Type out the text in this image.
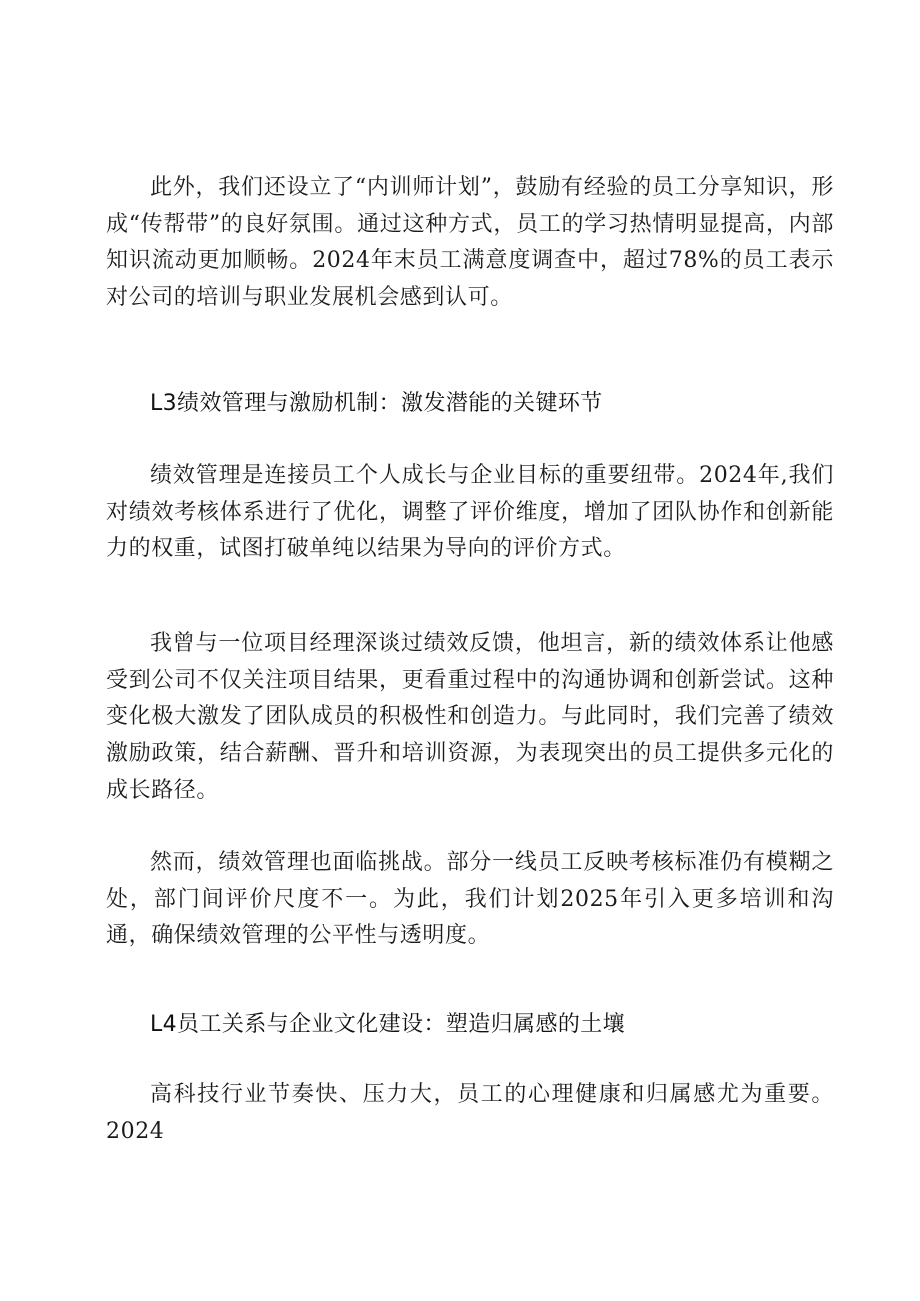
此外，我们还设立了“内训师计划”，鼓励有经验的员工分享知识，形成“传帮带”的良好氛围。通过这种方式，员工的学习热情明显提高，内部知识流动更加顺畅。2024年末员工满意度调查中，超过78%的员工表示对公司的培训与职业发展机会感到认可。

L3绩效管理与激励机制：激发潜能的关键环节

绩效管理是连接员工个人成长与企业目标的重要纽带。2024年,我们对绩效考核体系进行了优化，调整了评价维度，增加了团队协作和创新能力的权重，试图打破单纯以结果为导向的评价方式。

我曾与一位项目经理深谈过绩效反馈，他坦言，新的绩效体系让他感受到公司不仅关注项目结果，更看重过程中的沟通协调和创新尝试。这种变化极大激发了团队成员的积极性和创造力。与此同时，我们完善了绩效激励政策，结合薪酬、晋升和培训资源，为表现突出的员工提供多元化的成长路径。

然而，绩效管理也面临挑战。部分一线员工反映考核标准仍有模糊之处，部门间评价尺度不一。为此，我们计划2025年引入更多培训和沟通，确保绩效管理的公平性与透明度。

L4员工关系与企业文化建设：塑造归属感的土壤

高科技行业节奏快、压力大，员工的心理健康和归属感尤为重要。2024
